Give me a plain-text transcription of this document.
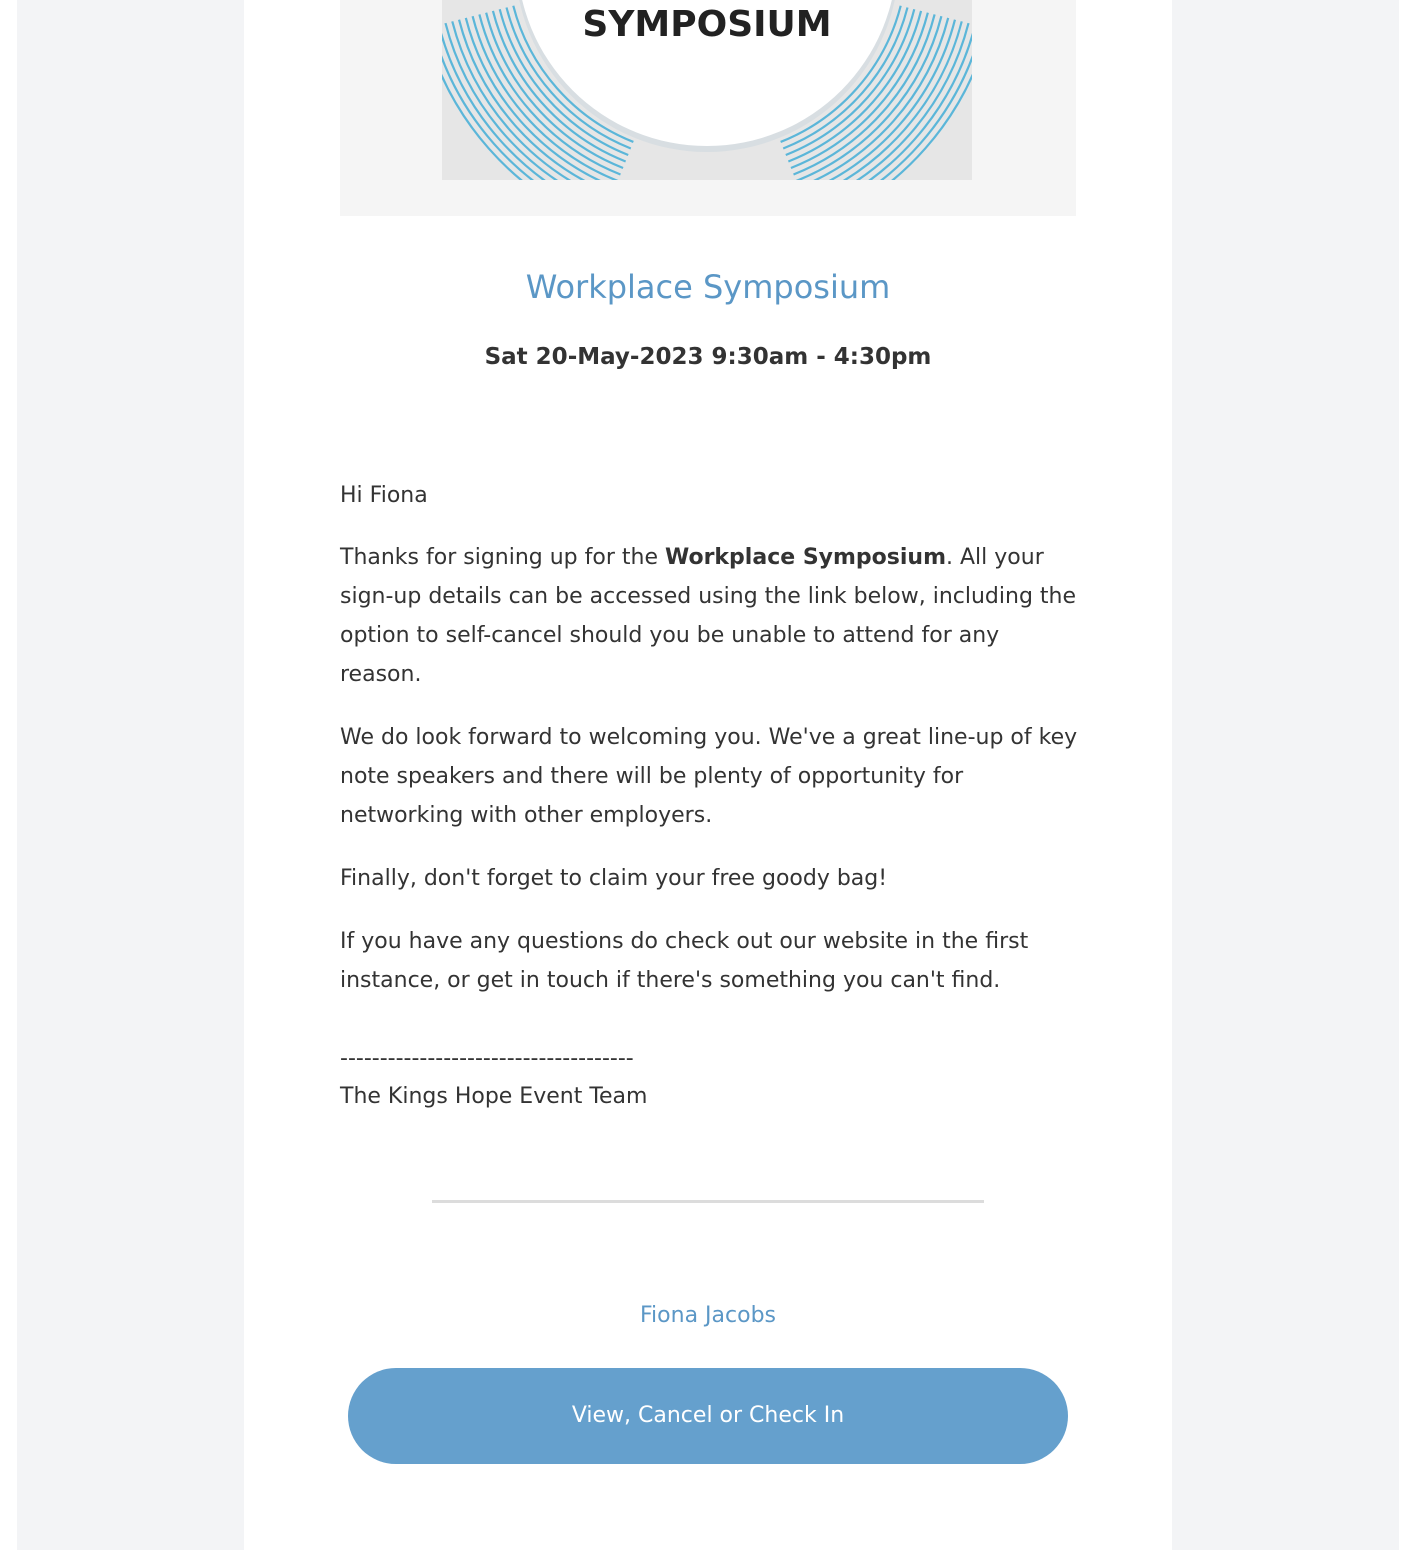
SYMPOSIUM
Workplace Symposium
Sat 20-May-2023 9:30am - 4:30pm

Hi Fiona

Thanks for signing up for the Workplace Symposium. All your sign-up details can be accessed using the link below, including the option to self-cancel should you be unable to attend for any reason.

We do look forward to welcoming you. We've a great line-up of key note speakers and there will be plenty of opportunity for networking with other employers.

Finally, don't forget to claim your free goody bag!

If you have any questions do check out our website in the first instance, or get in touch if there's something you can't find.

-------------------------------------
The Kings Hope Event Team
Fiona Jacobs
View, Cancel or Check In
